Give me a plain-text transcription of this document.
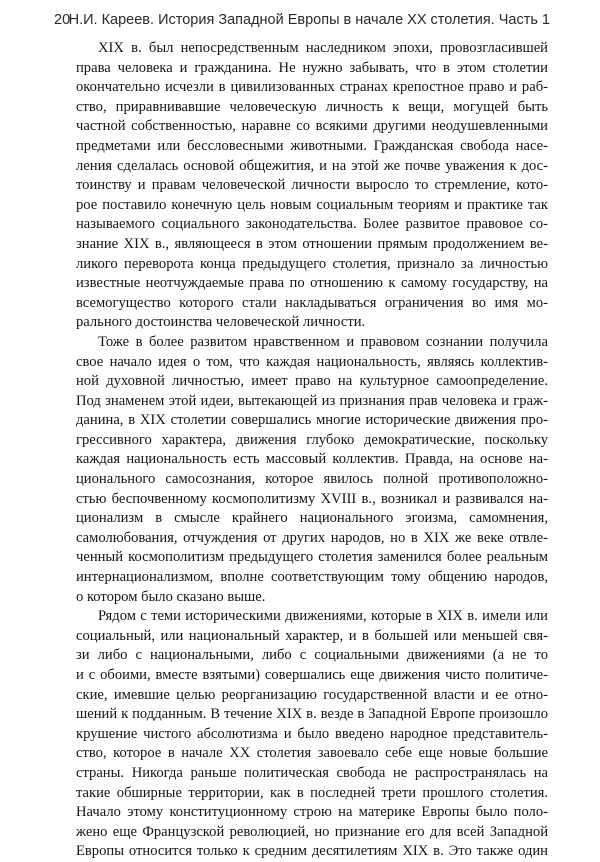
20
Н.И. Кареев. История Западной Европы в начале XX столетия. Часть 1
XIX в. был непосредственным наследником эпохи, провозгласившей
права человека и гражданина. Не нужно забывать, что в этом столетии
окончательно исчезли в цивилизованных странах крепостное право и раб-
ство, приравнивавшие человеческую личность к вещи, могущей быть
частной собственностью, наравне со всякими другими неодушевленными
предметами или бессловесными животными. Гражданская свобода насе-
ления сделалась основой общежития, и на этой же почве уважения к дос-
тоинству и правам человеческой личности выросло то стремление, кото-
рое поставило конечную цель новым социальным теориям и практике так
называемого социального законодательства. Более развитое правовое со-
знание XIX в., являющееся в этом отношении прямым продолжением ве-
ликого переворота конца предыдущего столетия, признало за личностью
известные неотчуждаемые права по отношению к самому государству, на
всемогущество которого стали накладываться ограничения во имя мо-
рального достоинства человеческой личности.
Тоже в более развитом нравственном и правовом сознании получила
свое начало идея о том, что каждая национальность, являясь коллектив-
ной духовной личностью, имеет право на культурное самоопределение.
Под знаменем этой идеи, вытекающей из признания прав человека и граж-
данина, в XIX столетии совершались многие исторические движения про-
грессивного характера, движения глубоко демократические, поскольку
каждая национальность есть массовый коллектив. Правда, на основе на-
ционального самосознания, которое явилось полной противоположно-
стью беспочвенному космополитизму XVIII в., возникал и развивался на-
ционализм в смысле крайнего национального эгоизма, самомнения,
самолюбования, отчуждения от других народов, но в XIX же веке отвле-
ченный космополитизм предыдущего столетия заменился более реальным
интернационализмом, вполне соответствующим тому общению народов,
о котором было сказано выше.
Рядом с теми историческими движениями, которые в XIX в. имели или
социальный, или национальный характер, и в большей или меньшей свя-
зи либо с национальными, либо с социальными движениями (а не то
и с обоими, вместе взятыми) совершались еще движения чисто политиче-
ские, имевшие целью реорганизацию государственной власти и ее отно-
шений к подданным. В течение XIX в. везде в Западной Европе произошло
крушение чистого абсолютизма и было введено народное представитель-
ство, которое в начале XX столетия завоевало себе еще новые большие
страны. Никогда раньше политическая свобода не распространялась на
такие обширные территории, как в последней трети прошлого столетия.
Начало этому конституционному строю на материке Европы было поло-
жено еще Французской революцией, но признание его для всей Западной
Европы относится только к средним десятилетиям XIX в. Это также один
